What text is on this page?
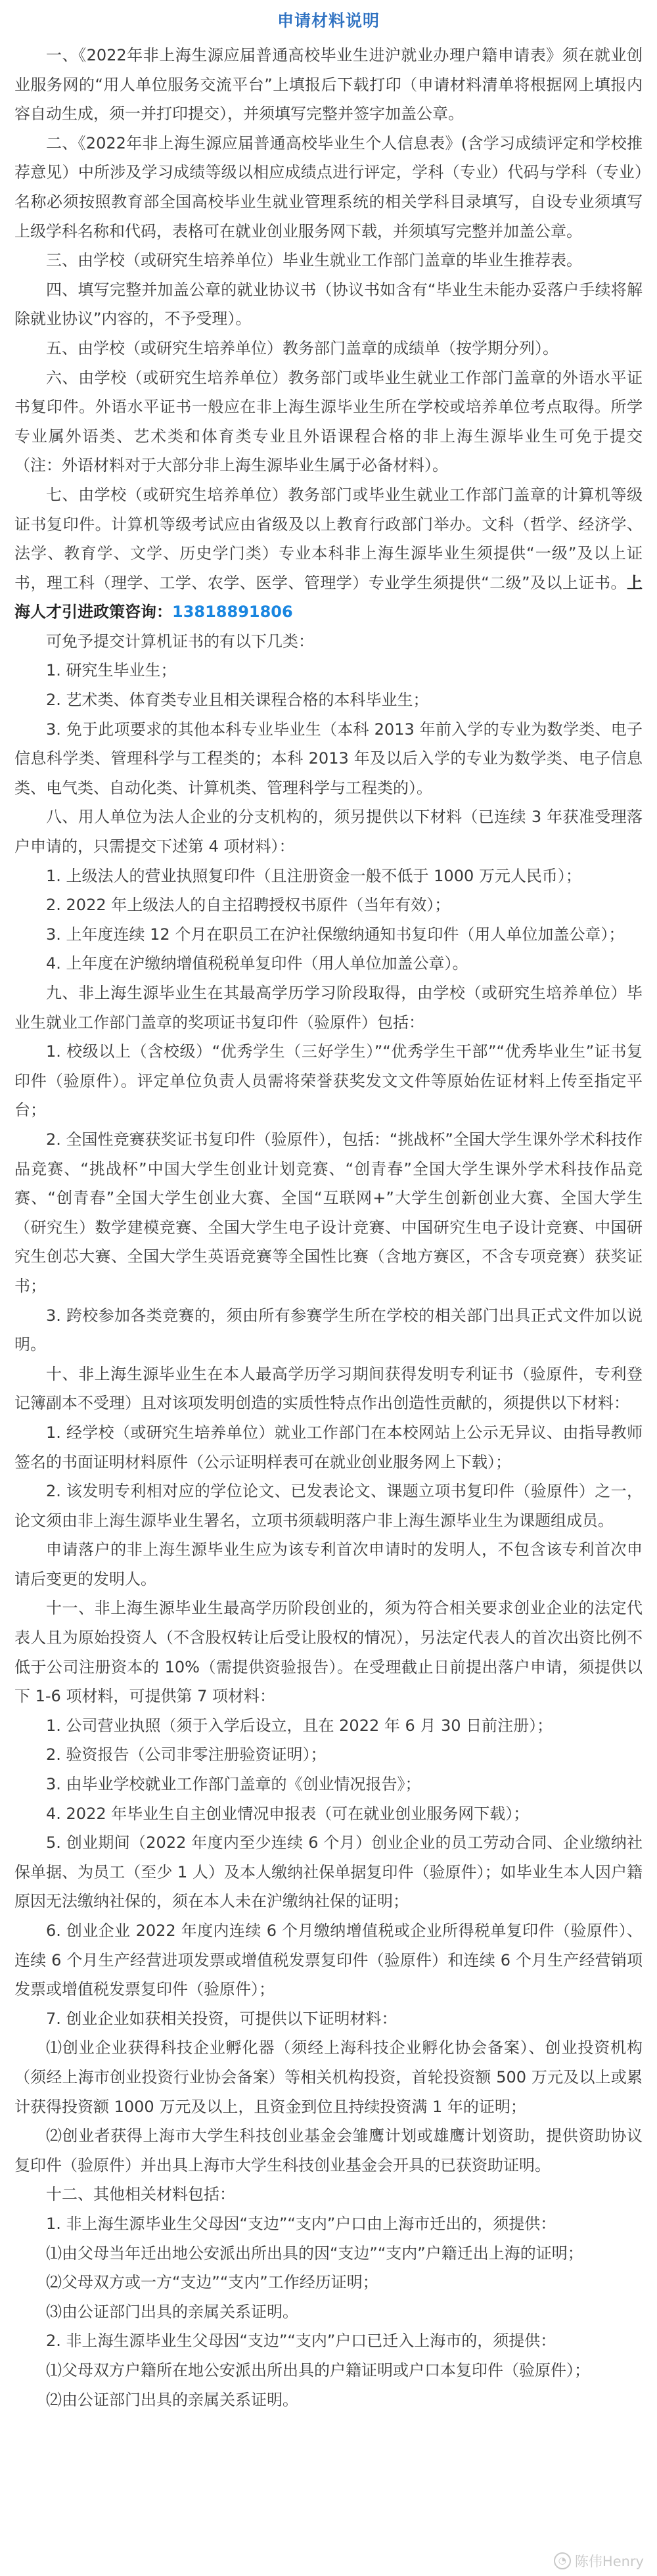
申请材料说明

一、《2022年非上海生源应届普通高校毕业生进沪就业办理户籍申请表》须在就业创业服务网的“用人单位服务交流平台”上填报后下载打印（申请材料清单将根据网上填报内容自动生成，须一并打印提交），并须填写完整并签字加盖公章。

二、《2022年非上海生源应届普通高校毕业生个人信息表》(含学习成绩评定和学校推荐意见）中所涉及学习成绩等级以相应成绩点进行评定，学科（专业）代码与学科（专业）名称必须按照教育部全国高校毕业生就业管理系统的相关学科目录填写，自设专业须填写上级学科名称和代码，表格可在就业创业服务网下载，并须填写完整并加盖公章。

三、由学校（或研究生培养单位）毕业生就业工作部门盖章的毕业生推荐表。

四、填写完整并加盖公章的就业协议书（协议书如含有“毕业生未能办妥落户手续将解除就业协议”内容的，不予受理）。

五、由学校（或研究生培养单位）教务部门盖章的成绩单（按学期分列）。

六、由学校（或研究生培养单位）教务部门或毕业生就业工作部门盖章的外语水平证书复印件。外语水平证书一般应在非上海生源毕业生所在学校或培养单位考点取得。所学专业属外语类、艺术类和体育类专业且外语课程合格的非上海生源毕业生可免于提交（注：外语材料对于大部分非上海生源毕业生属于必备材料）。

七、由学校（或研究生培养单位）教务部门或毕业生就业工作部门盖章的计算机等级证书复印件。计算机等级考试应由省级及以上教育行政部门举办。文科（哲学、经济学、法学、教育学、文学、历史学门类）专业本科非上海生源毕业生须提供“一级”及以上证书，理工科（理学、工学、农学、医学、管理学）专业学生须提供“二级”及以上证书。上海人才引进政策咨询：13818891806

可免予提交计算机证书的有以下几类：

1. 研究生毕业生；

2. 艺术类、体育类专业且相关课程合格的本科毕业生；

3. 免于此项要求的其他本科专业毕业生（本科 2013 年前入学的专业为数学类、电子信息科学类、管理科学与工程类的；本科 2013 年及以后入学的专业为数学类、电子信息类、电气类、自动化类、计算机类、管理科学与工程类的）。

八、用人单位为法人企业的分支机构的，须另提供以下材料（已连续 3 年获准受理落户申请的，只需提交下述第 4 项材料）：

1. 上级法人的营业执照复印件（且注册资金一般不低于 1000 万元人民币）；

2. 2022 年上级法人的自主招聘授权书原件（当年有效）；

3. 上年度连续 12 个月在职员工在沪社保缴纳通知书复印件（用人单位加盖公章）；

4. 上年度在沪缴纳增值税税单复印件（用人单位加盖公章）。

九、非上海生源毕业生在其最高学历学习阶段取得，由学校（或研究生培养单位）毕业生就业工作部门盖章的奖项证书复印件（验原件）包括：

1. 校级以上（含校级）“优秀学生（三好学生）”“优秀学生干部”“优秀毕业生”证书复印件（验原件）。评定单位负责人员需将荣誉获奖发文文件等原始佐证材料上传至指定平台；

2. 全国性竞赛获奖证书复印件（验原件），包括：“挑战杯”全国大学生课外学术科技作品竞赛、“挑战杯”中国大学生创业计划竞赛、“创青春”全国大学生课外学术科技作品竞赛、“创青春”全国大学生创业大赛、全国“互联网+”大学生创新创业大赛、全国大学生（研究生）数学建模竞赛、全国大学生电子设计竞赛、中国研究生电子设计竞赛、中国研究生创芯大赛、全国大学生英语竞赛等全国性比赛（含地方赛区，不含专项竞赛）获奖证书；

3. 跨校参加各类竞赛的，须由所有参赛学生所在学校的相关部门出具正式文件加以说明。

十、非上海生源毕业生在本人最高学历学习期间获得发明专利证书（验原件，专利登记簿副本不受理）且对该项发明创造的实质性特点作出创造性贡献的，须提供以下材料：

1. 经学校（或研究生培养单位）就业工作部门在本校网站上公示无异议、由指导教师签名的书面证明材料原件（公示证明样表可在就业创业服务网上下载）；

2. 该发明专利相对应的学位论文、已发表论文、课题立项书复印件（验原件）之一，论文须由非上海生源毕业生署名，立项书须载明落户非上海生源毕业生为课题组成员。

申请落户的非上海生源毕业生应为该专利首次申请时的发明人，不包含该专利首次申请后变更的发明人。

十一、非上海生源毕业生最高学历阶段创业的，须为符合相关要求创业企业的法定代表人且为原始投资人（不含股权转让后受让股权的情况），另法定代表人的首次出资比例不低于公司注册资本的 10%（需提供资验报告）。在受理截止日前提出落户申请，须提供以下 1-6 项材料，可提供第 7 项材料：

1. 公司营业执照（须于入学后设立，且在 2022 年 6 月 30 日前注册）；

2. 验资报告（公司非零注册验资证明）；

3. 由毕业学校就业工作部门盖章的《创业情况报告》；

4. 2022 年毕业生自主创业情况申报表（可在就业创业服务网下载）；

5. 创业期间（2022 年度内至少连续 6 个月）创业企业的员工劳动合同、企业缴纳社保单据、为员工（至少 1 人）及本人缴纳社保单据复印件（验原件）；如毕业生本人因户籍原因无法缴纳社保的，须在本人未在沪缴纳社保的证明；

6. 创业企业 2022 年度内连续 6 个月缴纳增值税或企业所得税单复印件（验原件）、连续 6 个月生产经营进项发票或增值税发票复印件（验原件）和连续 6 个月生产经营销项发票或增值税发票复印件（验原件）；

7. 创业企业如获相关投资，可提供以下证明材料：

⑴创业企业获得科技企业孵化器（须经上海科技企业孵化协会备案）、创业投资机构（须经上海市创业投资行业协会备案）等相关机构投资，首轮投资额 500 万元及以上或累计获得投资额 1000 万元及以上，且资金到位且持续投资满 1 年的证明；

⑵创业者获得上海市大学生科技创业基金会雏鹰计划或雄鹰计划资助，提供资助协议复印件（验原件）并出具上海市大学生科技创业基金会开具的已获资助证明。

十二、其他相关材料包括：

1. 非上海生源毕业生父母因“支边”“支内”户口由上海市迁出的，须提供：

⑴由父母当年迁出地公安派出所出具的因“支边”“支内”户籍迁出上海的证明；

⑵父母双方或一方“支边”“支内”工作经历证明；

⑶由公证部门出具的亲属关系证明。

2. 非上海生源毕业生父母因“支边”“支内”户口已迁入上海市的，须提供：

⑴父母双方户籍所在地公安派出所出具的户籍证明或户口本复印件（验原件）；

⑵由公证部门出具的亲属关系证明。

◔ 陈伟Henry
